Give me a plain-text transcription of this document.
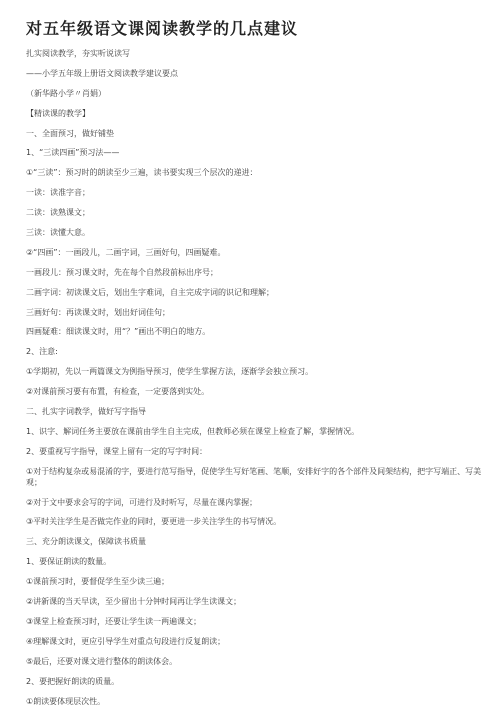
对五年级语文课阅读教学的几点建议

扎实阅读教学，夯实听说读写

——小学五年级上册语文阅读教学建议要点

（新华路小学〃肖娟）

【精读课的教学】

一、全面预习，做好铺垫

1、“三读四画”预习法——

①“三读”：预习时的朗读至少三遍，读书要实现三个层次的递进：

一读：读准字音；

二读：读熟课文；

三读：读懂大意。

②“四画”：一画段儿，二画字词，三画好句，四画疑难。

一画段儿：预习课文时，先在每个自然段前标出序号；

二画字词：初读课文后，划出生字难词，自主完成字词的识记和理解；

三画好句：再读课文时，划出好词佳句；

四画疑难：细读课文时，用“？”画出不明白的地方。

2、注意:

①学期初，先以一两篇课文为例指导预习，使学生掌握方法，逐渐学会独立预习。

②对课前预习要有布置，有检查，一定要落到实处。

二、扎实字词教学，做好写字指导

1、识字、解词任务主要放在课前由学生自主完成，但教师必须在课堂上检查了解，掌握情况。

2、要重视写字指导，课堂上留有一定的写字时间：

①对于结构复杂或易混淆的字，要进行范写指导，促使学生写好笔画、笔顺，安排好字的各个部件及间架结构，把字写端正、写美观；

②对于文中要求会写的字词，可进行及时听写，尽量在课内掌握；

③平时关注学生是否做完作业的同时，要更进一步关注学生的书写情况。

三、充分朗读课文，保障读书质量

1、要保证朗读的数量。

①课前预习时，要督促学生至少读三遍；

②讲新课的当天早读，至少留出十分钟时间再让学生读课文；

③课堂上检查预习时，还要让学生读一两遍课文；

④理解课文时，更应引导学生对重点句段进行反复朗读；

⑤最后，还要对课文进行整体的朗读体会。

2、要把握好朗读的质量。

①朗读要体现层次性。
